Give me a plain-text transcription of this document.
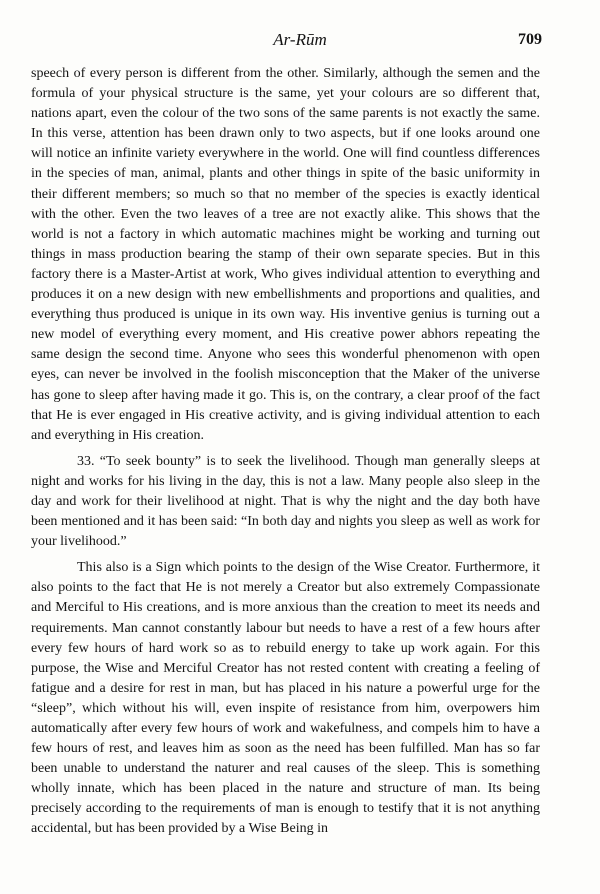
Ar-Rūm	709

speech of every person is different from the other. Similarly, although the semen and the formula of your physical structure is the same, yet your colours are so different that, nations apart, even the colour of the two sons of the same parents is not exactly the same. In this verse, attention has been drawn only to two aspects, but if one looks around one will notice an infinite variety everywhere in the world. One will find countless differences in the species of man, animal, plants and other things in spite of the basic uniformity in their different members; so much so that no member of the species is exactly identical with the other. Even the two leaves of a tree are not exactly alike. This shows that the world is not a factory in which automatic machines might be working and turning out things in mass production bearing the stamp of their own separate species. But in this factory there is a Master-Artist at work, Who gives individual attention to everything and produces it on a new design with new embellishments and proportions and qualities, and everything thus produced is unique in its own way. His inventive genius is turning out a new model of everything every moment, and His creative power abhors repeating the same design the second time. Anyone who sees this wonderful phenomenon with open eyes, can never be involved in the foolish misconception that the Maker of the universe has gone to sleep after having made it go. This is, on the contrary, a clear proof of the fact that He is ever engaged in His creative activity, and is giving individual attention to each and everything in His creation.

33. “To seek bounty” is to seek the livelihood. Though man generally sleeps at night and works for his living in the day, this is not a law. Many people also sleep in the day and work for their livelihood at night. That is why the night and the day both have been mentioned and it has been said: “In both day and nights you sleep as well as work for your livelihood.”

This also is a Sign which points to the design of the Wise Creator. Furthermore, it also points to the fact that He is not merely a Creator but also extremely Compassionate and Merciful to His creations, and is more anxious than the creation to meet its needs and requirements. Man cannot constantly labour but needs to have a rest of a few hours after every few hours of hard work so as to rebuild energy to take up work again. For this purpose, the Wise and Merciful Creator has not rested content with creating a feeling of fatigue and a desire for rest in man, but has placed in his nature a powerful urge for the “sleep”, which without his will, even inspite of resistance from him, overpowers him automatically after every few hours of work and wakefulness, and compels him to have a few hours of rest, and leaves him as soon as the need has been fulfilled. Man has so far been unable to understand the naturer and real causes of the sleep. This is something wholly innate, which has been placed in the nature and structure of man. Its being precisely according to the requirements of man is enough to testify that it is not anything accidental, but has been provided by a Wise Being in
